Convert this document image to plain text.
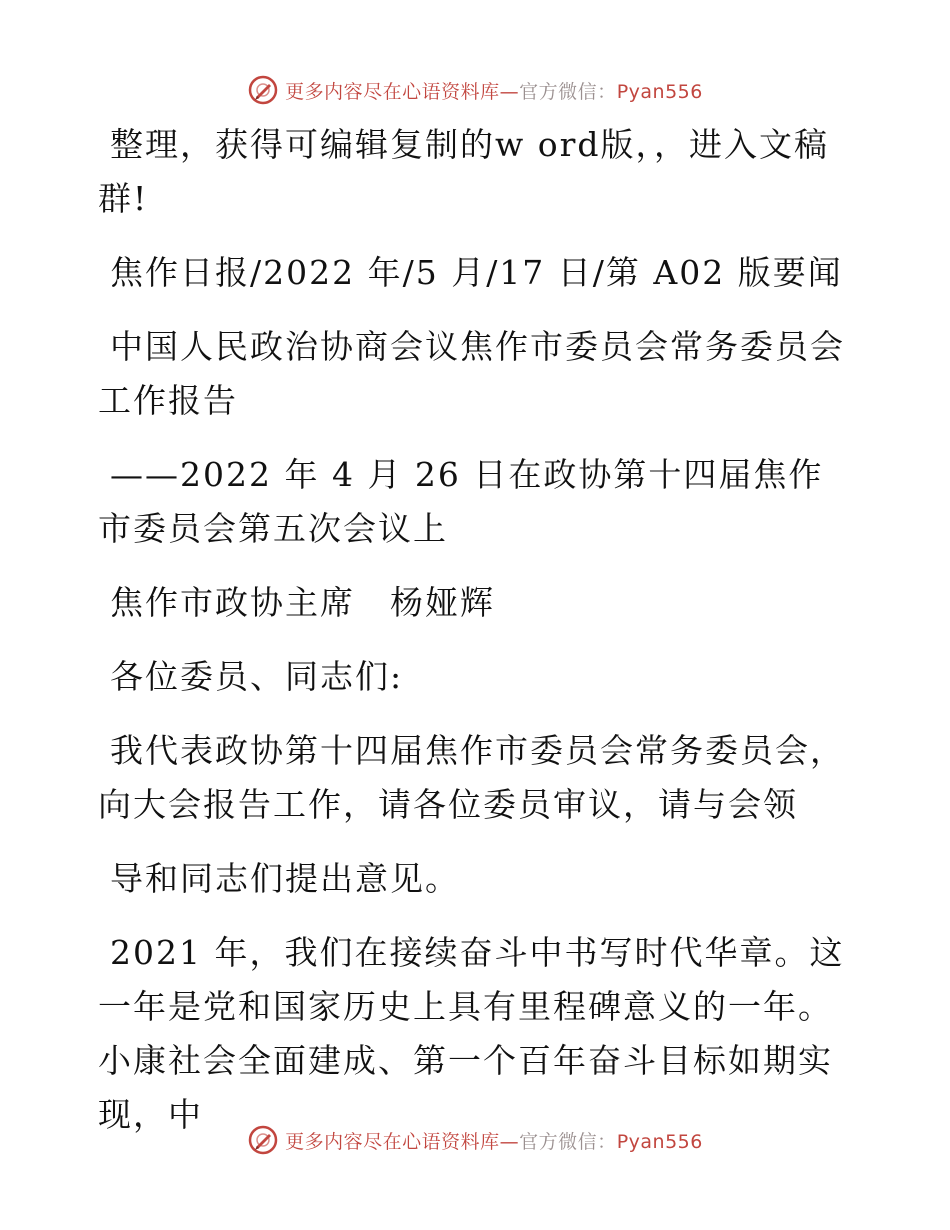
更多内容尽在心语资料库—官方微信：Pyan556

整理，获得可编辑复制的w ord版，，进入文稿群!

焦作日报/2022 年/5 月/17 日/第 A02 版要闻

中国人民政治协商会议焦作市委员会常务委员会工作报告

——2022 年 4 月 26 日在政协第十四届焦作市委员会第五次会议上

焦作市政协主席　杨娅辉

各位委员、同志们:

我代表政协第十四届焦作市委员会常务委员会，向大会报告工作，请各位委员审议，请与会领

导和同志们提出意见。

2021 年，我们在接续奋斗中书写时代华章。这一年是党和国家历史上具有里程碑意义的一年。小康社会全面建成、第一个百年奋斗目标如期实现，中

更多内容尽在心语资料库—官方微信：Pyan556
